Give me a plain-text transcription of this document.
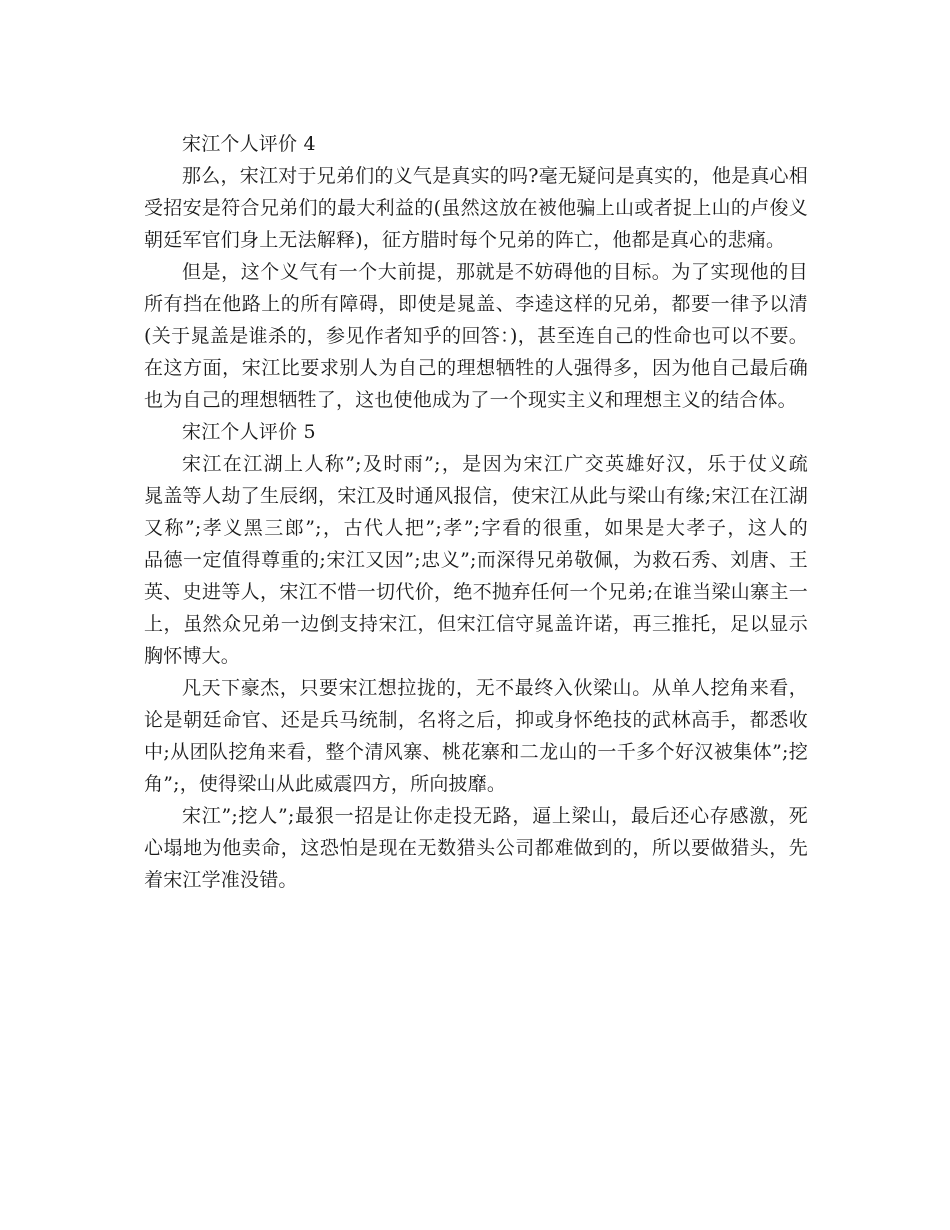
宋江个人评价 4
那么，宋江对于兄弟们的义气是真实的吗?毫无疑问是真实的，他是真心相
受招安是符合兄弟们的最大利益的(虽然这放在被他骗上山或者捉上山的卢俊义
朝廷军官们身上无法解释)，征方腊时每个兄弟的阵亡，他都是真心的悲痛。
但是，这个义气有一个大前提，那就是不妨碍他的目标。为了实现他的目
所有挡在他路上的所有障碍，即使是晁盖、李逵这样的兄弟，都要一律予以清
(关于晁盖是谁杀的，参见作者知乎的回答：)，甚至连自己的性命也可以不要。
在这方面，宋江比要求别人为自己的理想牺牲的人强得多，因为他自己最后确
也为自己的理想牺牲了，这也使他成为了一个现实主义和理想主义的结合体。
宋江个人评价 5
宋江在江湖上人称”;及时雨”;，是因为宋江广交英雄好汉，乐于仗义疏
晁盖等人劫了生辰纲，宋江及时通风报信，使宋江从此与梁山有缘;宋江在江湖
又称”;孝义黑三郎”;，古代人把”;孝”;字看的很重，如果是大孝子，这人的
品德一定值得尊重的;宋江又因”;忠义”;而深得兄弟敬佩，为救石秀、刘唐、王
英、史进等人，宋江不惜一切代价，绝不抛弃任何一个兄弟;在谁当梁山寨主一
上，虽然众兄弟一边倒支持宋江，但宋江信守晁盖许诺，再三推托，足以显示
胸怀博大。
凡天下豪杰，只要宋江想拉拢的，无不最终入伙梁山。从单人挖角来看，
论是朝廷命官、还是兵马统制，名将之后，抑或身怀绝技的武林高手，都悉收
中;从团队挖角来看，整个清风寨、桃花寨和二龙山的一千多个好汉被集体”;挖
角”;，使得梁山从此威震四方，所向披靡。
宋江”;挖人”;最狠一招是让你走投无路，逼上梁山，最后还心存感激，死
心塌地为他卖命，这恐怕是现在无数猎头公司都难做到的，所以要做猎头，先
着宋江学准没错。
